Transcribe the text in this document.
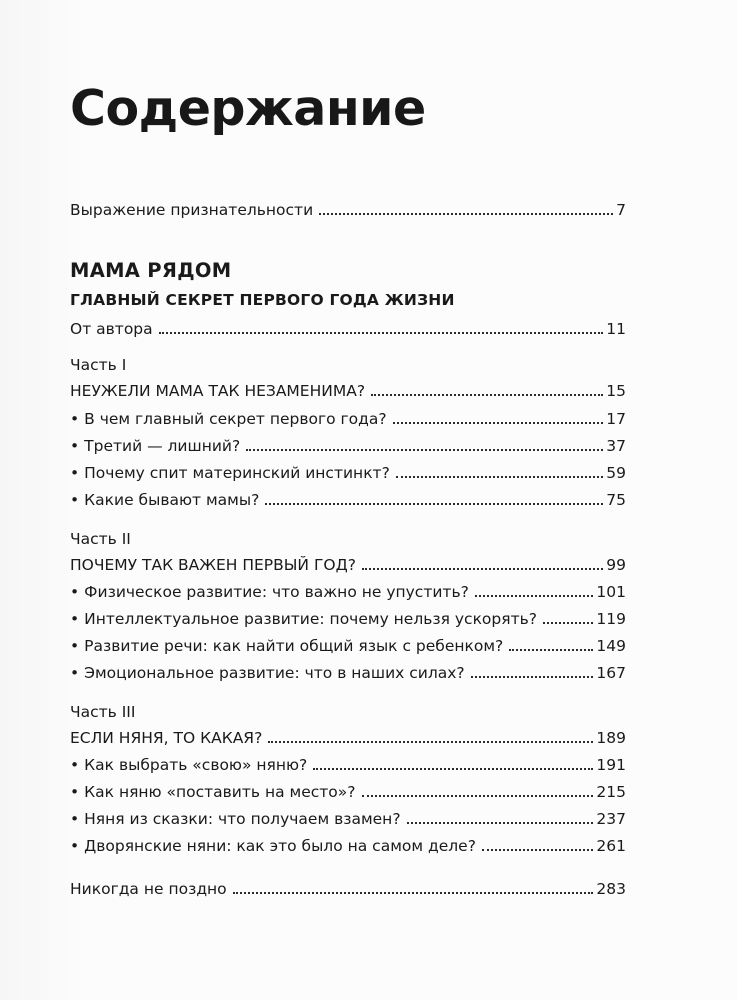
Содержание
Выражение признательности	7
МАМА РЯДОМ
ГЛАВНЫЙ СЕКРЕТ ПЕРВОГО ГОДА ЖИЗНИ
От автора	11
Часть I
НЕУЖЕЛИ МАМА ТАК НЕЗАМЕНИМА?	15
• В чем главный секрет первого года?	17
• Третий — лишний?	37
• Почему спит материнский инстинкт?	59
• Какие бывают мамы?	75
Часть II
ПОЧЕМУ ТАК ВАЖЕН ПЕРВЫЙ ГОД?	99
• Физическое развитие: что важно не упустить?	101
• Интеллектуальное развитие: почему нельзя ускорять?	119
• Развитие речи: как найти общий язык с ребенком?	149
• Эмоциональное развитие: что в наших силах?	167
Часть III
ЕСЛИ НЯНЯ, ТО КАКАЯ?	189
• Как выбрать «свою» няню?	191
• Как няню «поставить на место»?	215
• Няня из сказки: что получаем взамен?	237
• Дворянские няни: как это было на самом деле?	261
Никогда не поздно	283
